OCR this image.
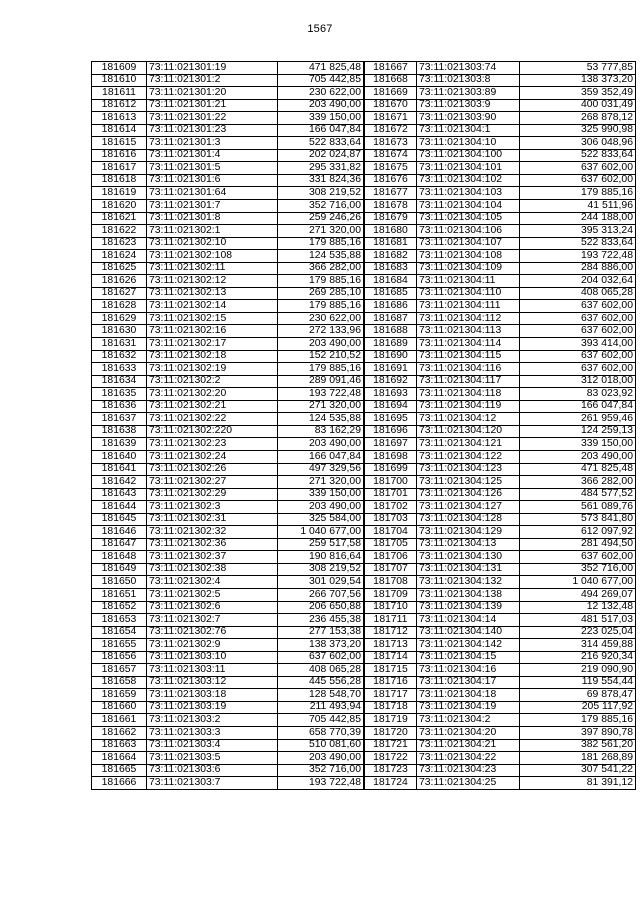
1567
181609	73:11:021301:19	471 825,48
181610	73:11:021301:2	705 442,85
181611	73:11:021301:20	230 622,00
181612	73:11:021301:21	203 490,00
181613	73:11:021301:22	339 150,00
181614	73:11:021301:23	166 047,84
181615	73:11:021301:3	522 833,64
181616	73:11:021301:4	202 024,87
181617	73:11:021301:5	295 331,82
181618	73:11:021301:6	331 824,36
181619	73:11:021301:64	308 219,52
181620	73:11:021301:7	352 716,00
181621	73:11:021301:8	259 246,26
181622	73:11:021302:1	271 320,00
181623	73:11:021302:10	179 885,16
181624	73:11:021302:108	124 535,88
181625	73:11:021302:11	366 282,00
181626	73:11:021302:12	179 885,16
181627	73:11:021302:13	269 285,10
181628	73:11:021302:14	179 885,16
181629	73:11:021302:15	230 622,00
181630	73:11:021302:16	272 133,96
181631	73:11:021302:17	203 490,00
181632	73:11:021302:18	152 210,52
181633	73:11:021302:19	179 885,16
181634	73:11:021302:2	289 091,46
181635	73:11:021302:20	193 722,48
181636	73:11:021302:21	271 320,00
181637	73:11:021302:22	124 535,88
181638	73:11:021302:220	83 162,29
181639	73:11:021302:23	203 490,00
181640	73:11:021302:24	166 047,84
181641	73:11:021302:26	497 329,56
181642	73:11:021302:27	271 320,00
181643	73:11:021302:29	339 150,00
181644	73:11:021302:3	203 490,00
181645	73:11:021302:31	325 584,00
181646	73:11:021302:32	1 040 677,00
181647	73:11:021302:36	259 517,58
181648	73:11:021302:37	190 816,64
181649	73:11:021302:38	308 219,52
181650	73:11:021302:4	301 029,54
181651	73:11:021302:5	266 707,56
181652	73:11:021302:6	206 650,88
181653	73:11:021302:7	236 455,38
181654	73:11:021302:76	277 153,38
181655	73:11:021302:9	138 373,20
181656	73:11:021303:10	637 602,00
181657	73:11:021303:11	408 065,28
181658	73:11:021303:12	445 556,28
181659	73:11:021303:18	128 548,70
181660	73:11:021303:19	211 493,94
181661	73:11:021303:2	705 442,85
181662	73:11:021303:3	658 770,39
181663	73:11:021303:4	510 081,60
181664	73:11:021303:5	203 490,00
181665	73:11:021303:6	352 716,00
181666	73:11:021303:7	193 722,48
181667	73:11:021303:74	53 777,85
181668	73:11:021303:8	138 373,20
181669	73:11:021303:89	359 352,49
181670	73:11:021303:9	400 031,49
181671	73:11:021303:90	268 878,12
181672	73:11:021304:1	325 990,98
181673	73:11:021304:10	306 048,96
181674	73:11:021304:100	522 833,64
181675	73:11:021304:101	637 602,00
181676	73:11:021304:102	637 602,00
181677	73:11:021304:103	179 885,16
181678	73:11:021304:104	41 511,96
181679	73:11:021304:105	244 188,00
181680	73:11:021304:106	395 313,24
181681	73:11:021304:107	522 833,64
181682	73:11:021304:108	193 722,48
181683	73:11:021304:109	284 886,00
181684	73:11:021304:11	204 032,64
181685	73:11:021304:110	408 065,28
181686	73:11:021304:111	637 602,00
181687	73:11:021304:112	637 602,00
181688	73:11:021304:113	637 602,00
181689	73:11:021304:114	393 414,00
181690	73:11:021304:115	637 602,00
181691	73:11:021304:116	637 602,00
181692	73:11:021304:117	312 018,00
181693	73:11:021304:118	83 023,92
181694	73:11:021304:119	166 047,84
181695	73:11:021304:12	261 959,46
181696	73:11:021304:120	124 259,13
181697	73:11:021304:121	339 150,00
181698	73:11:021304:122	203 490,00
181699	73:11:021304:123	471 825,48
181700	73:11:021304:125	366 282,00
181701	73:11:021304:126	484 577,52
181702	73:11:021304:127	561 089,76
181703	73:11:021304:128	573 841,80
181704	73:11:021304:129	612 097,92
181705	73:11:021304:13	281 494,50
181706	73:11:021304:130	637 602,00
181707	73:11:021304:131	352 716,00
181708	73:11:021304:132	1 040 677,00
181709	73:11:021304:138	494 269,07
181710	73:11:021304:139	12 132,48
181711	73:11:021304:14	481 517,03
181712	73:11:021304:140	223 025,04
181713	73:11:021304:142	314 459,88
181714	73:11:021304:15	216 920,34
181715	73:11:021304:16	219 090,90
181716	73:11:021304:17	119 554,44
181717	73:11:021304:18	69 878,47
181718	73:11:021304:19	205 117,92
181719	73:11:021304:2	179 885,16
181720	73:11:021304:20	397 890,78
181721	73:11:021304:21	382 561,20
181722	73:11:021304:22	181 268,89
181723	73:11:021304:23	307 541,22
181724	73:11:021304:25	81 391,12
